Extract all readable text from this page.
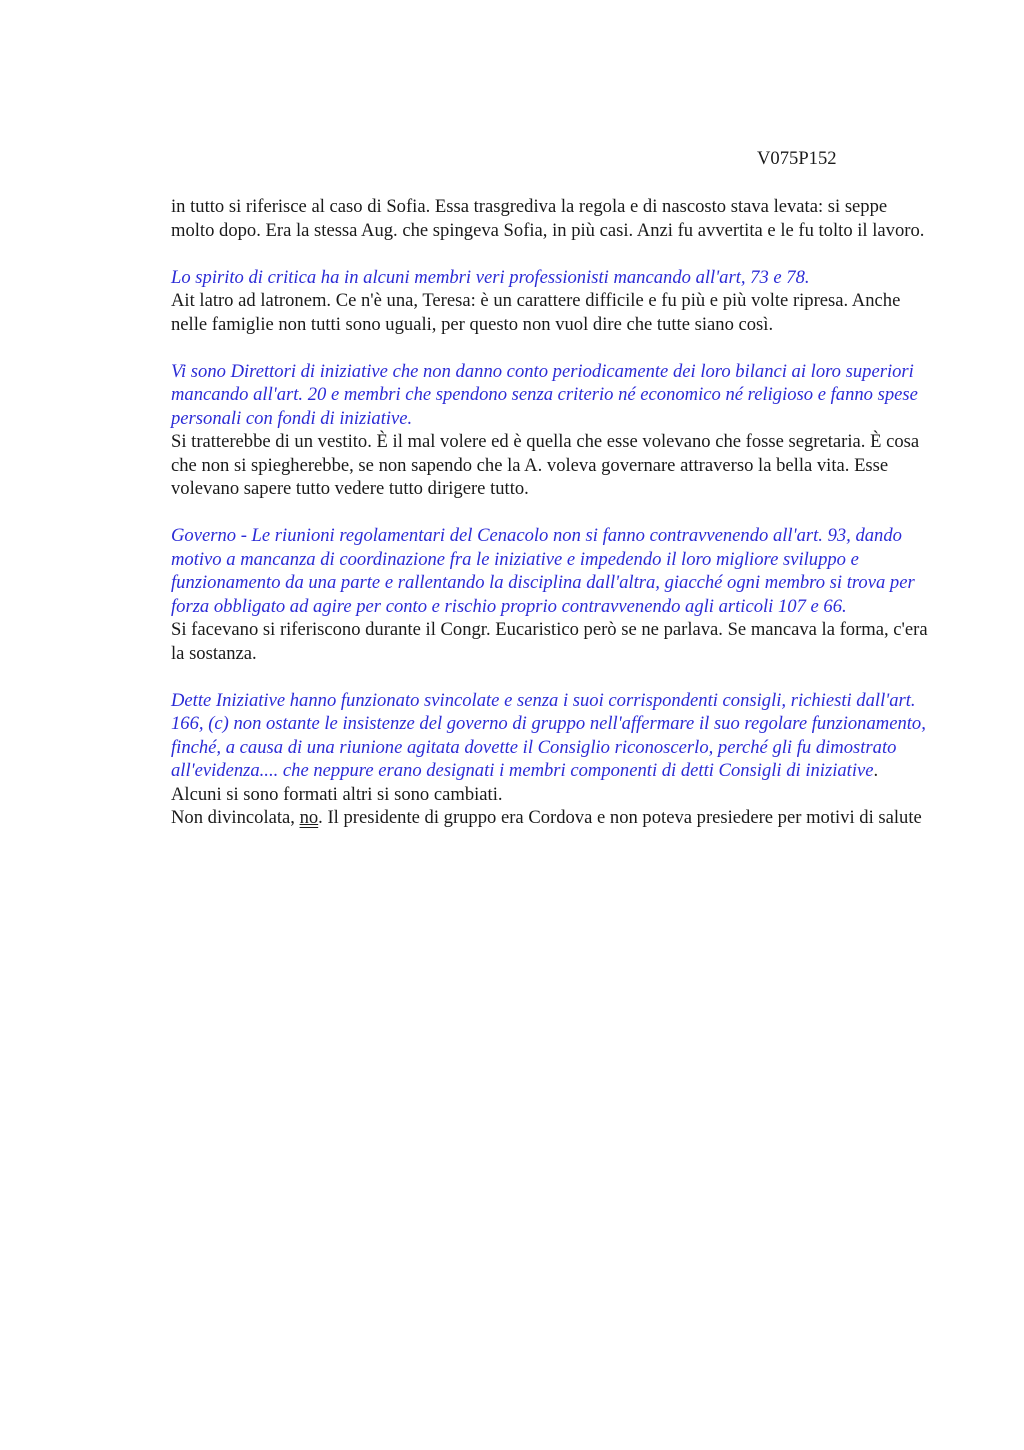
V075P152

in tutto si riferisce al caso di Sofia. Essa trasgrediva la regola e di nascosto stava levata: si seppe molto dopo. Era la stessa Aug. che spingeva Sofia, in più casi. Anzi fu avvertita e le fu tolto il lavoro.

Lo spirito di critica ha in alcuni membri veri professionisti mancando all'art, 73 e 78.

Ait latro ad latronem. Ce n'è una, Teresa: è un carattere difficile e fu più e più volte ripresa. Anche nelle famiglie non tutti sono uguali, per questo non vuol dire che tutte siano così.

Vi sono Direttori di iniziative che non danno conto periodicamente dei loro bilanci ai loro superiori mancando all'art. 20 e membri che spendono senza criterio né economico né religioso e fanno spese personali con fondi di iniziative.

Si tratterebbe di un vestito. È il mal volere ed è quella che esse volevano che fosse segretaria. È cosa che non si spiegherebbe, se non sapendo che la A. voleva governare attraverso la bella vita. Esse volevano sapere tutto vedere tutto dirigere tutto.

Governo - Le riunioni regolamentari del Cenacolo non si fanno contravvenendo all'art. 93, dando motivo a mancanza di coordinazione fra le iniziative e impedendo il loro migliore sviluppo e funzionamento da una parte e rallentando la disciplina dall'altra, giacché ogni membro si trova per forza obbligato ad agire per conto e rischio proprio contravvenendo agli articoli 107 e 66.

Si facevano si riferiscono durante il Congr. Eucaristico però se ne parlava. Se mancava la forma, c'era la sostanza.

Dette Iniziative hanno funzionato svincolate e senza i suoi corrispondenti consigli, richiesti dall'art. 166, (c) non ostante le insistenze del governo di gruppo nell'affermare il suo regolare funzionamento, finché, a causa di una riunione agitata dovette il Consiglio riconoscerlo, perché gli fu dimostrato all'evidenza.... che neppure erano designati i membri componenti di detti Consigli di iniziative.

Alcuni si sono formati altri si sono cambiati.

Non divincolata, no. Il presidente di gruppo era Cordova e non poteva presiedere per motivi di salute
